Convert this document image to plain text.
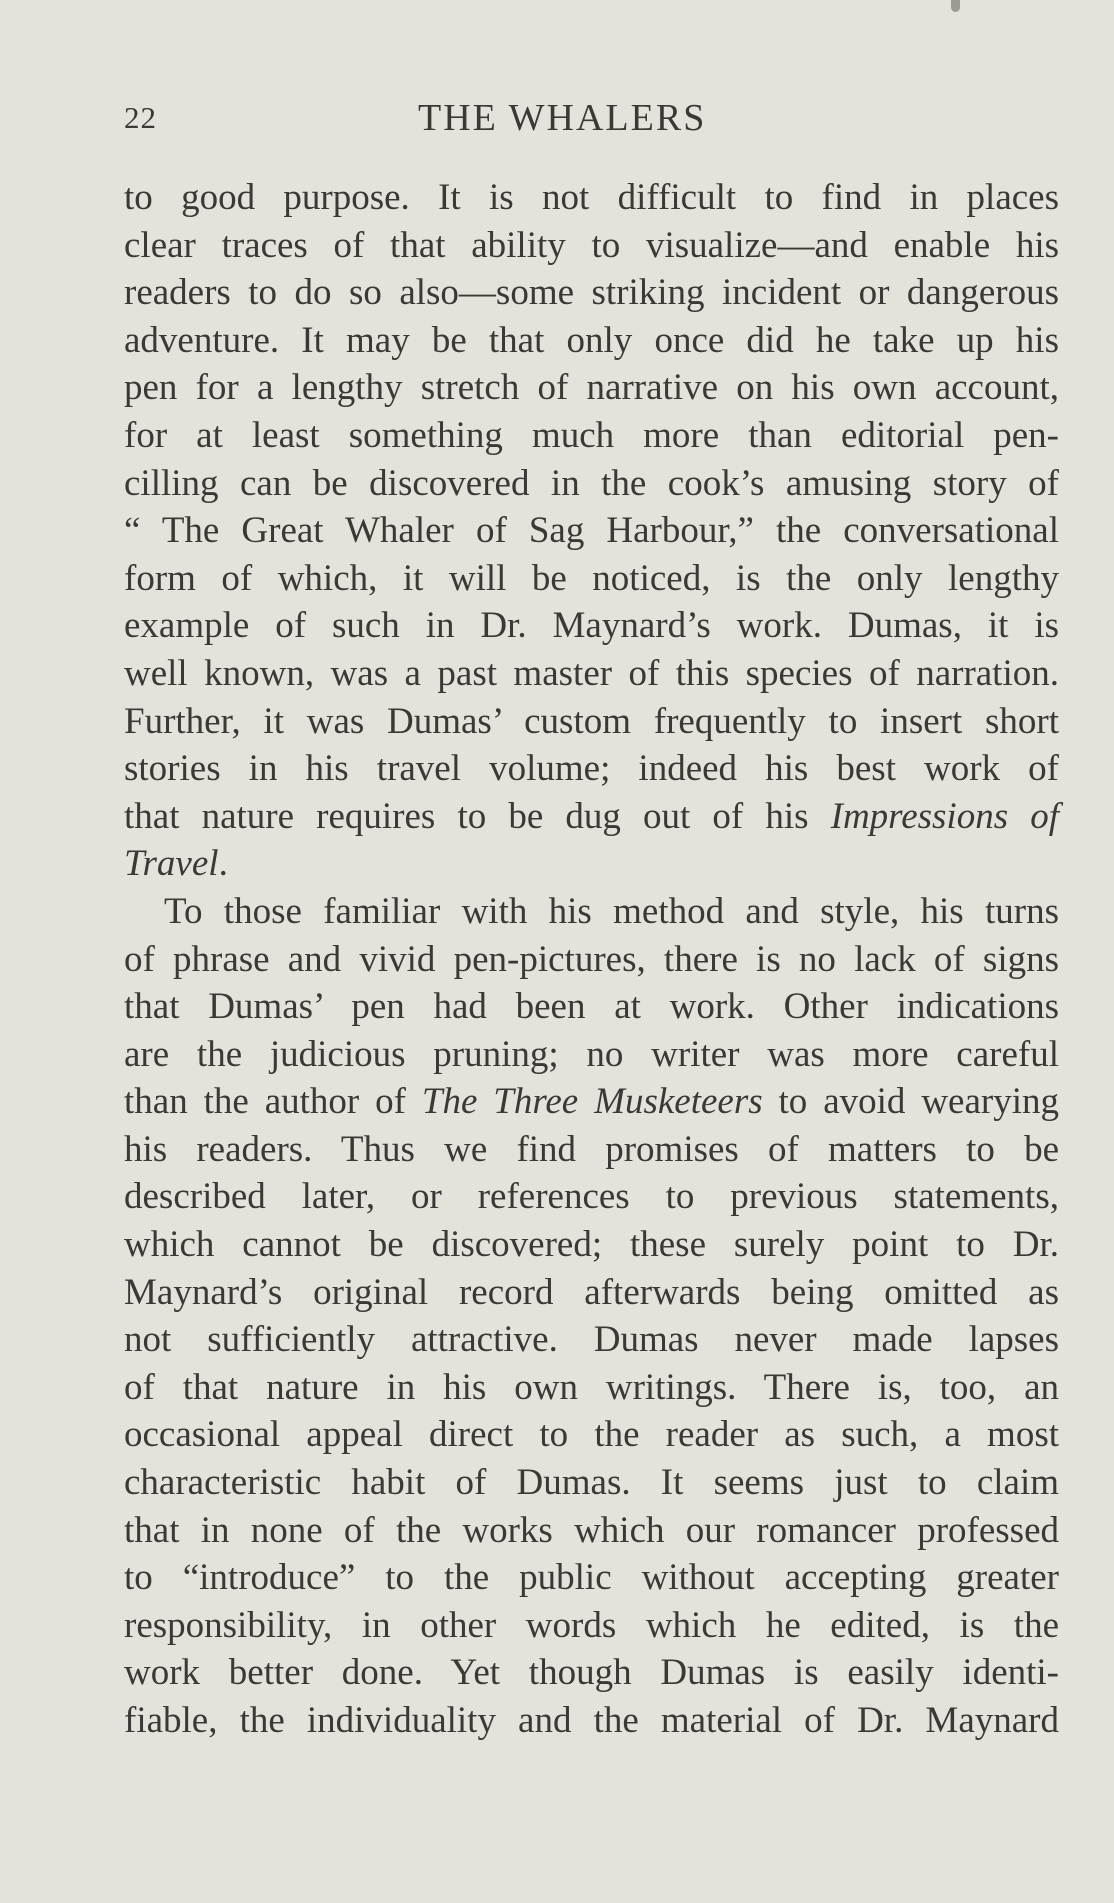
22	THE WHALERS
to good purpose. It is not difficult to find in places
clear traces of that ability to visualize—and enable his
readers to do so also—some striking incident or dangerous
adventure. It may be that only once did he take up his
pen for a lengthy stretch of narrative on his own account,
for at least something much more than editorial pen-
cilling can be discovered in the cook’s amusing story of
“ The Great Whaler of Sag Harbour,” the conversational
form of which, it will be noticed, is the only lengthy
example of such in Dr. Maynard’s work. Dumas, it is
well known, was a past master of this species of narration.
Further, it was Dumas’ custom frequently to insert short
stories in his travel volume; indeed his best work of
that nature requires to be dug out of his Impressions of
Travel.
To those familiar with his method and style, his turns
of phrase and vivid pen-pictures, there is no lack of signs
that Dumas’ pen had been at work. Other indications
are the judicious pruning; no writer was more careful
than the author of The Three Musketeers to avoid wearying
his readers. Thus we find promises of matters to be
described later, or references to previous statements,
which cannot be discovered; these surely point to Dr.
Maynard’s original record afterwards being omitted as
not sufficiently attractive. Dumas never made lapses
of that nature in his own writings. There is, too, an
occasional appeal direct to the reader as such, a most
characteristic habit of Dumas. It seems just to claim
that in none of the works which our romancer professed
to “introduce” to the public without accepting greater
responsibility, in other words which he edited, is the
work better done. Yet though Dumas is easily identi-
fiable, the individuality and the material of Dr. Maynard
